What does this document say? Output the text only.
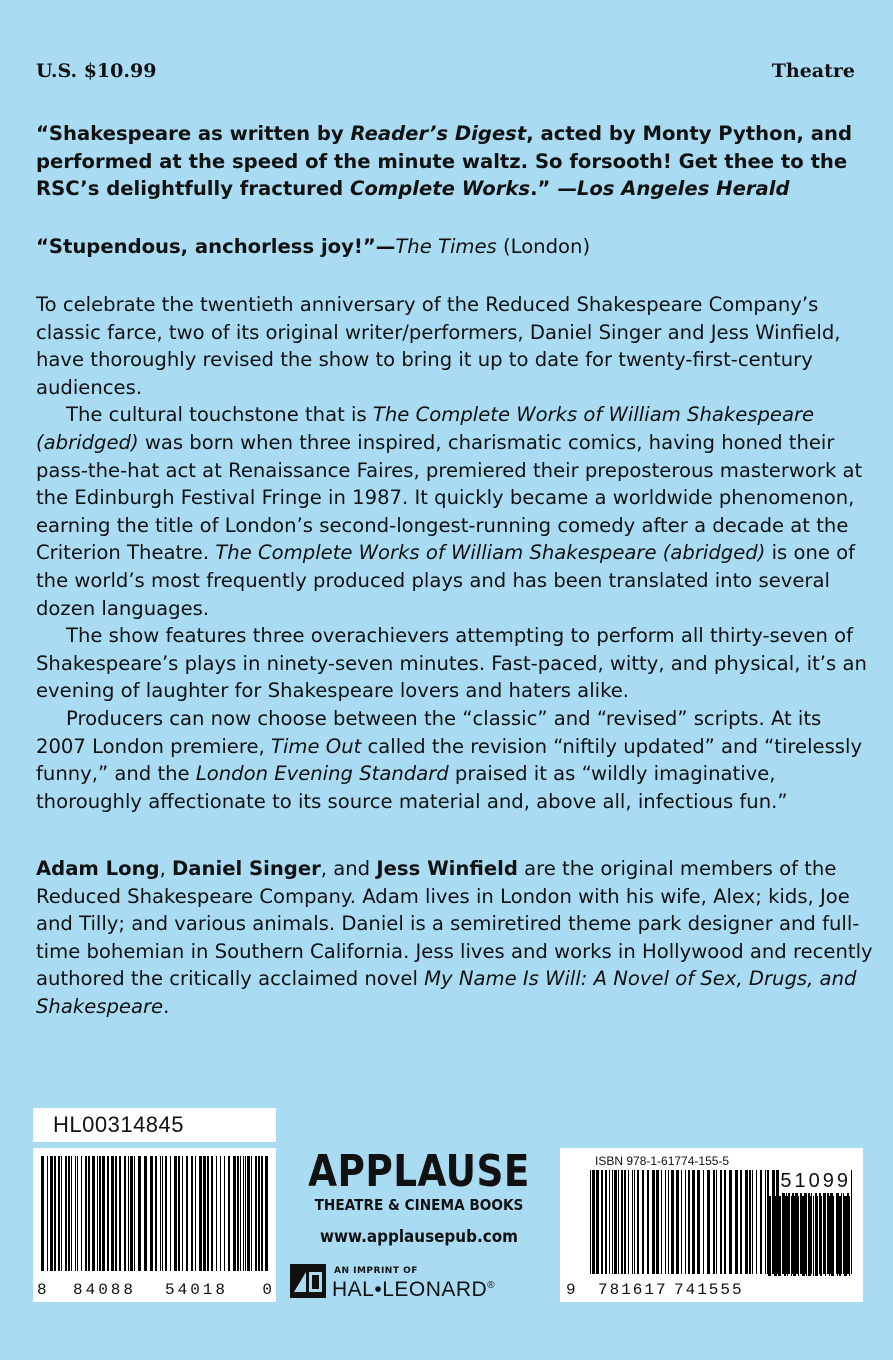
U.S. $10.99	Theatre
“Shakespeare as written by Reader’s Digest, acted by Monty Python, and performed at the speed of the minute waltz. So forsooth! Get thee to the RSC’s delightfully fractured Complete Works.” —Los Angeles Herald
“Stupendous, anchorless joy!”—The Times (London)

To celebrate the twentieth anniversary of the Reduced Shakespeare Company’s classic farce, two of its original writer/performers, Daniel Singer and Jess Winfield, have thoroughly revised the show to bring it up to date for twenty-first-century audiences.

The cultural touchstone that is The Complete Works of William Shakespeare (abridged) was born when three inspired, charismatic comics, having honed their pass-the-hat act at Renaissance Faires, premiered their preposterous masterwork at the Edinburgh Festival Fringe in 1987. It quickly became a worldwide phenomenon, earning the title of London’s second-longest-running comedy after a decade at the Criterion Theatre. The Complete Works of William Shakespeare (abridged) is one of the world’s most frequently produced plays and has been translated into several dozen languages.

The show features three overachievers attempting to perform all thirty-seven of Shakespeare’s plays in ninety-seven minutes. Fast-paced, witty, and physical, it’s an evening of laughter for Shakespeare lovers and haters alike.

Producers can now choose between the “classic” and “revised” scripts. At its 2007 London premiere, Time Out called the revision “niftily updated” and “tirelessly funny,” and the London Evening Standard praised it as “wildly imaginative, thoroughly affectionate to its source material and, above all, infectious fun.”

Adam Long, Daniel Singer, and Jess Winfield are the original members of the Reduced Shakespeare Company. Adam lives in London with his wife, Alex; kids, Joe and Tilly; and various animals. Daniel is a semiretired theme park designer and full-time bohemian in Southern California. Jess lives and works in Hollywood and recently authored the critically acclaimed novel My Name Is Will: A Novel of Sex, Drugs, and Shakespeare.
HL00314845
8 84088 54018 0
APPLAUSE
THEATRE & CINEMA BOOKS
www.applausepub.com
AN IMPRINT OF
HAL•LEONARD®
ISBN 978-1-61774-155-5
51099
9 781617 741555
